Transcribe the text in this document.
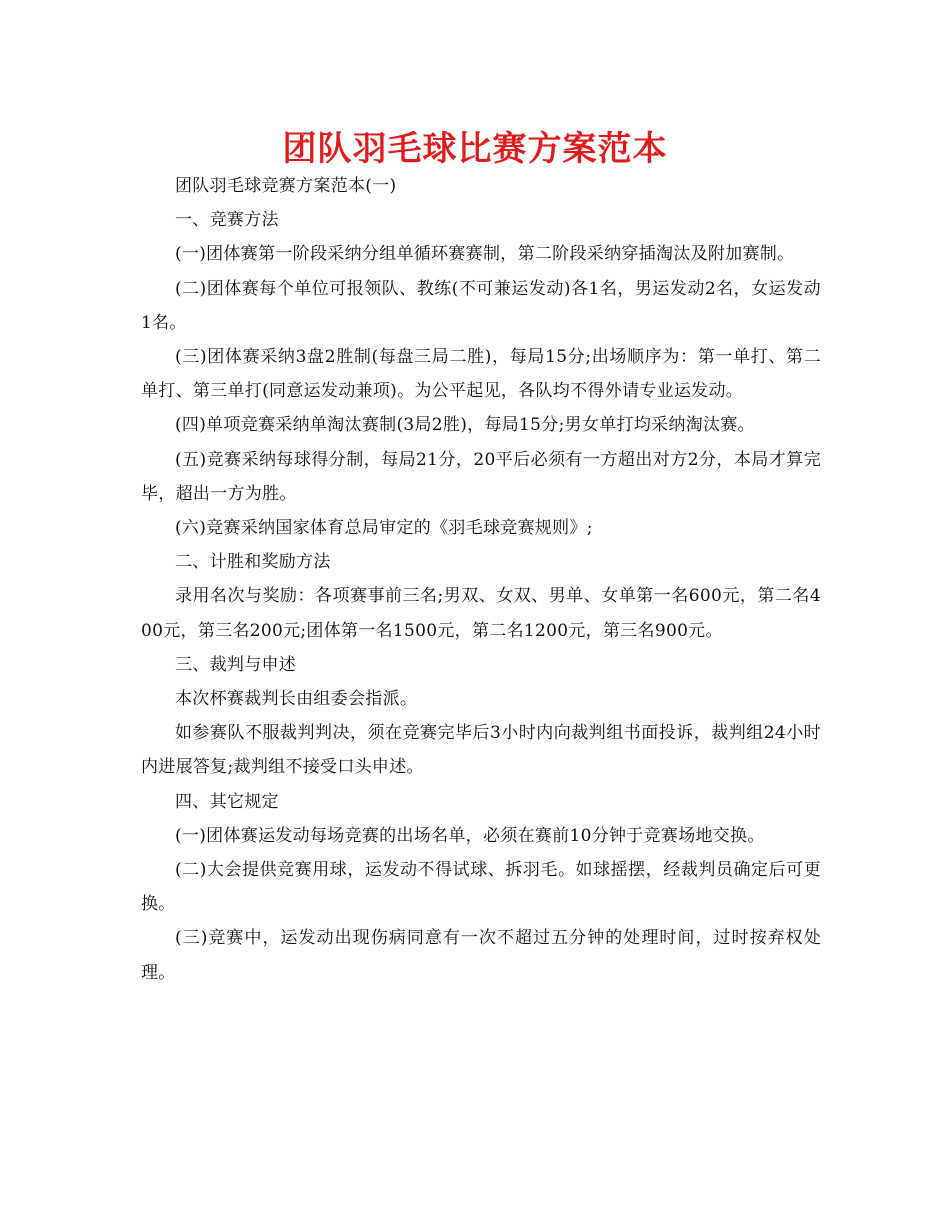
团队羽毛球比赛方案范本

团队羽毛球竞赛方案范本(一)

一、竞赛方法

(一)团体赛第一阶段采纳分组单循环赛赛制，第二阶段采纳穿插淘汰及附加赛制。

(二)团体赛每个单位可报领队、教练(不可兼运发动)各1名，男运发动2名，女运发动1名。

(三)团体赛采纳3盘2胜制(每盘三局二胜)，每局15分;出场顺序为：第一单打、第二单打、第三单打(同意运发动兼项)。为公平起见，各队均不得外请专业运发动。

(四)单项竞赛采纳单淘汰赛制(3局2胜)，每局15分;男女单打均采纳淘汰赛。

(五)竞赛采纳每球得分制，每局21分，20平后必须有一方超出对方2分，本局才算完毕，超出一方为胜。

(六)竞赛采纳国家体育总局审定的《羽毛球竞赛规则》;

二、计胜和奖励方法

录用名次与奖励：各项赛事前三名;男双、女双、男单、女单第一名600元，第二名400元，第三名200元;团体第一名1500元，第二名1200元，第三名900元。

三、裁判与申述

本次杯赛裁判长由组委会指派。

如参赛队不服裁判判决，须在竞赛完毕后3小时内向裁判组书面投诉，裁判组24小时内进展答复;裁判组不接受口头申述。

四、其它规定

(一)团体赛运发动每场竞赛的出场名单，必须在赛前10分钟于竞赛场地交换。

(二)大会提供竞赛用球，运发动不得试球、拆羽毛。如球摇摆，经裁判员确定后可更换。

(三)竞赛中，运发动出现伤病同意有一次不超过五分钟的处理时间，过时按弃权处理。
